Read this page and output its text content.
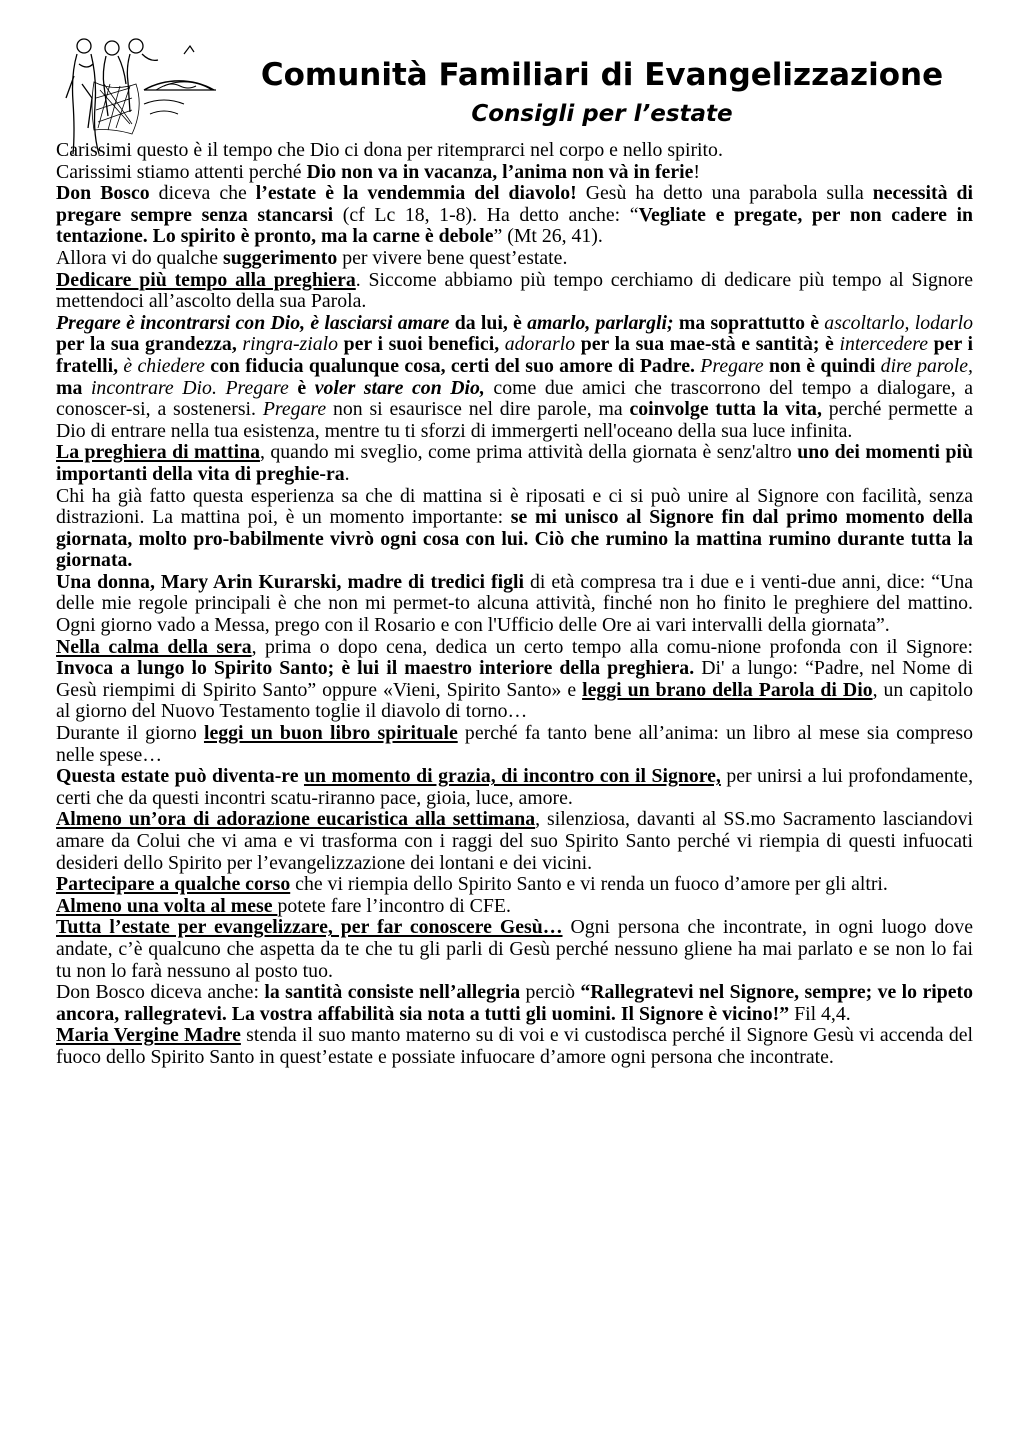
Comunità Familiari di Evangelizzazione
Consigli per l’estate

Carissimi questo è il tempo che Dio ci dona per ritemprarci nel corpo e nello spirito.

Carissimi stiamo attenti perché Dio non va in vacanza, l’anima non và in ferie!

Don Bosco diceva che l’estate è la vendemmia del diavolo! Gesù ha detto una parabola sulla necessità di pregare sempre senza stancarsi (cf Lc 18, 1-8). Ha detto anche: “Vegliate e pregate, per non cadere in tentazione. Lo spirito è pronto, ma la carne è debole” (Mt 26, 41).

Allora vi do qualche suggerimento per vivere bene quest’estate.

Dedicare più tempo alla preghiera. Siccome abbiamo più tempo cerchiamo di dedicare più tempo al Signore mettendoci all’ascolto della sua Parola.

Pregare è incontrarsi con Dio, è lasciarsi amare da lui, è amarlo, parlargli; ma soprattutto è ascoltarlo, lodarlo per la sua grandezza, ringra-zialo per i suoi benefici, adorarlo per la sua mae-stà e santità; è intercedere per i fratelli, è chiedere con fiducia qualunque cosa, certi del suo amore di Padre. Pregare non è quindi dire parole, ma incontrare Dio. Pregare è voler stare con Dio, come due amici che trascorrono del tempo a dialogare, a conoscer-si, a sostenersi. Pregare non si esaurisce nel dire parole, ma coinvolge tutta la vita, perché permette a Dio di entrare nella tua esistenza, mentre tu ti sforzi di immergerti nell'oceano della sua luce infinita.

La preghiera di mattina, quando mi sveglio, come prima attività della giornata è senz'altro uno dei momenti più importanti della vita di preghie-ra.

Chi ha già fatto questa esperienza sa che di mattina si è riposati e ci si può unire al Signore con facilità, senza distrazioni. La mattina poi, è un momento importante: se mi unisco al Signore fin dal primo momento della giornata, molto pro-babilmente vivrò ogni cosa con lui. Ciò che rumino la mattina rumino durante tutta la giornata.

Una donna, Mary Arin Kurarski, madre di tredici figli di età compresa tra i due e i venti-due anni, dice: “Una delle mie regole principali è che non mi permet-to alcuna attività, finché non ho finito le preghiere del mattino. Ogni giorno vado a Messa, prego con il Rosario e con l'Ufficio delle Ore ai vari intervalli della giornata”.

Nella calma della sera, prima o dopo cena, dedica un certo tempo alla comu-nione profonda con il Signore: Invoca a lungo lo Spirito Santo; è lui il maestro interiore della preghiera. Di' a lungo: “Padre, nel Nome di Gesù riempimi di Spirito Santo” oppure «Vieni, Spirito Santo» e leggi un brano della Parola di Dio, un capitolo al giorno del Nuovo Testamento toglie il diavolo di torno…

Durante il giorno leggi un buon libro spirituale perché fa tanto bene all’anima: un libro al mese sia compreso nelle spese…

Questa estate può diventa-re un momento di grazia, di incontro con il Signore, per unirsi a lui profondamente, certi che da questi incontri scatu-riranno pace, gioia, luce, amore.

Almeno un’ora di adorazione eucaristica alla settimana, silenziosa, davanti al SS.mo Sacramento lasciandovi amare da Colui che vi ama e vi trasforma con i raggi del suo Spirito Santo perché vi riempia di questi infuocati desideri dello Spirito per l’evangelizzazione dei lontani e dei vicini.

Partecipare a qualche corso che vi riempia dello Spirito Santo e vi renda un fuoco d’amore per gli altri.

Almeno una volta al mese potete fare l’incontro di CFE.

Tutta l’estate per evangelizzare, per far conoscere Gesù… Ogni persona che incontrate, in ogni luogo dove andate, c’è qualcuno che aspetta da te che tu gli parli di Gesù perché nessuno gliene ha mai parlato e se non lo fai tu non lo farà nessuno al posto tuo.

Don Bosco diceva anche: la santità consiste nell’allegria perciò “Rallegratevi nel Signore, sempre; ve lo ripeto ancora, rallegratevi. La vostra affabilità sia nota a tutti gli uomini. Il Signore è vicino!” Fil 4,4.

Maria Vergine Madre stenda il suo manto materno su di voi e vi custodisca perché il Signore Gesù vi accenda del fuoco dello Spirito Santo in quest’estate e possiate infuocare d’amore ogni persona che incontrate.
